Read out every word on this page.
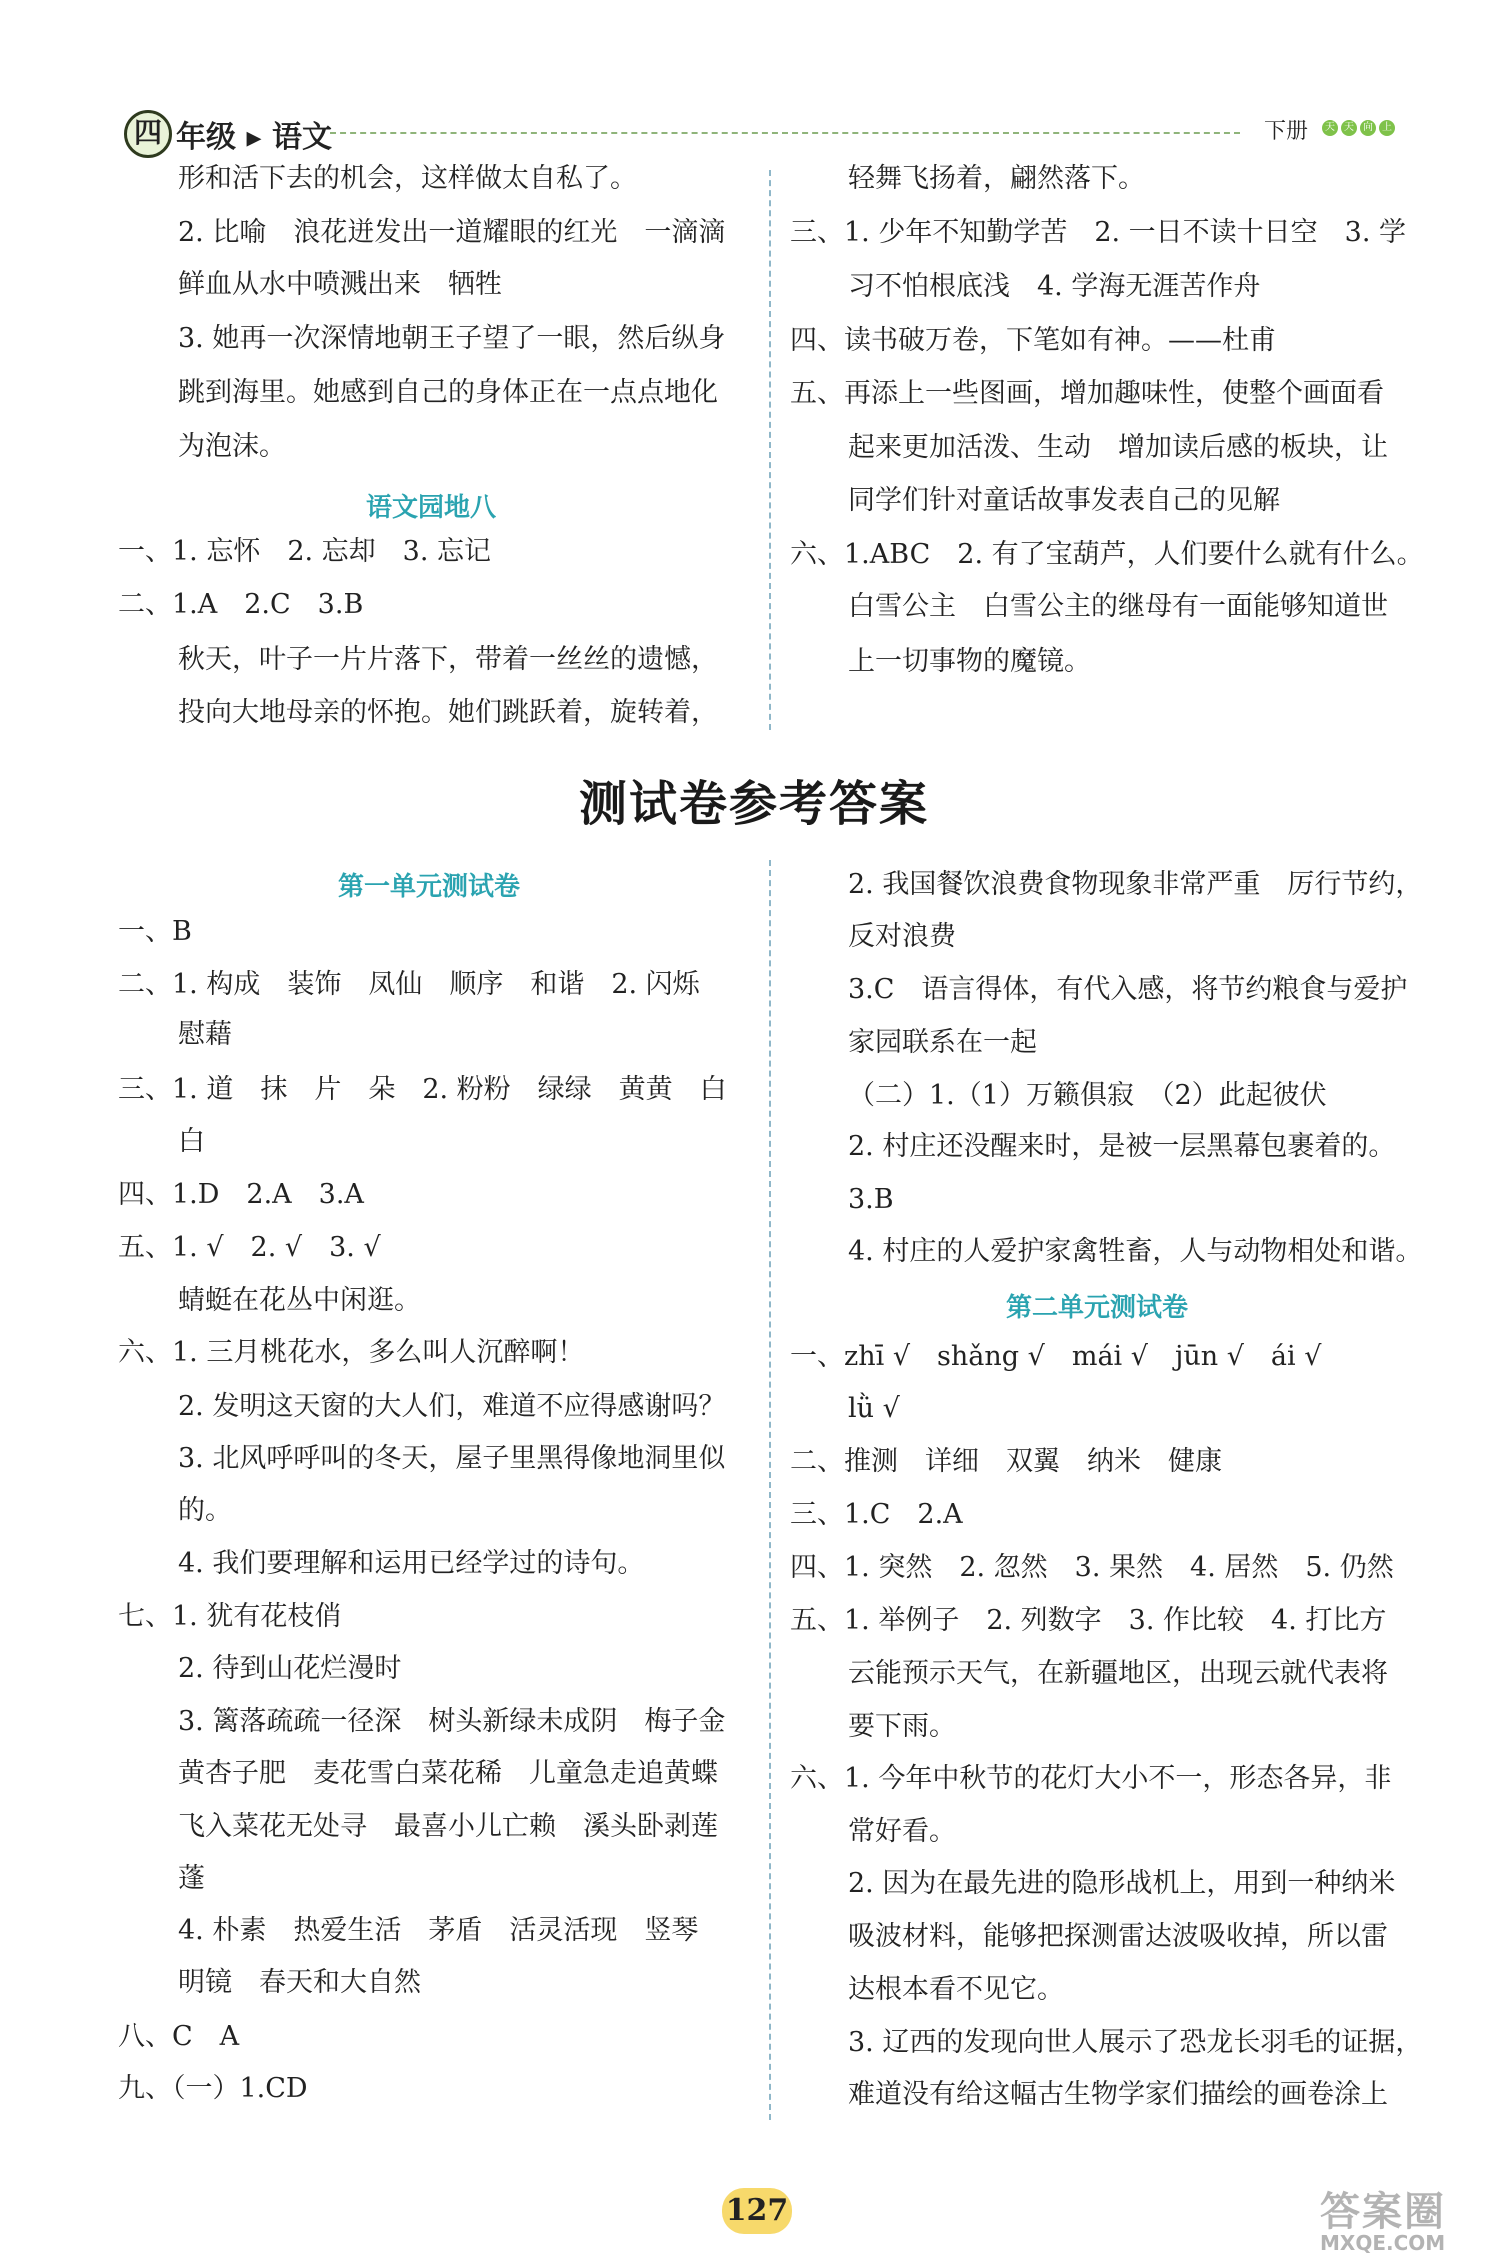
四 年级 ▸ 语文	下册	天 天 向 上
形和活下去的机会，这样做太自私了。
2. 比喻　浪花迸发出一道耀眼的红光　一滴滴
鲜血从水中喷溅出来　牺牲
3. 她再一次深情地朝王子望了一眼，然后纵身
跳到海里。她感到自己的身体正在一点点地化
为泡沫。
语文园地八
一、1. 忘怀　2. 忘却　3. 忘记
二、1.A　2.C　3.B
秋天，叶子一片片落下，带着一丝丝的遗憾，
投向大地母亲的怀抱。她们跳跃着，旋转着，
轻舞飞扬着，翩然落下。
三、1. 少年不知勤学苦　2. 一日不读十日空　3. 学
习不怕根底浅　4. 学海无涯苦作舟
四、读书破万卷，下笔如有神。——杜甫
五、再添上一些图画，增加趣味性，使整个画面看
起来更加活泼、生动　增加读后感的板块，让
同学们针对童话故事发表自己的见解
六、1.ABC　2. 有了宝葫芦，人们要什么就有什么。
白雪公主　白雪公主的继母有一面能够知道世
上一切事物的魔镜。
测试卷参考答案
第一单元测试卷
一、B
二、1. 构成　装饰　凤仙　顺序　和谐　2. 闪烁
慰藉
三、1. 道　抹　片　朵　2. 粉粉　绿绿　黄黄　白
白
四、1.D　2.A　3.A
五、1. √　2. √　3. √
蜻蜓在花丛中闲逛。
六、1. 三月桃花水，多么叫人沉醉啊！
2. 发明这天窗的大人们，难道不应得感谢吗？
3. 北风呼呼叫的冬天，屋子里黑得像地洞里似
的。
4. 我们要理解和运用已经学过的诗句。
七、1. 犹有花枝俏
2. 待到山花烂漫时
3. 篱落疏疏一径深　树头新绿未成阴　梅子金
黄杏子肥　麦花雪白菜花稀　儿童急走追黄蝶
飞入菜花无处寻　最喜小儿亡赖　溪头卧剥莲
蓬
4. 朴素　热爱生活　茅盾　活灵活现　竖琴
明镜　春天和大自然
八、C　A
九、（一）1.CD
2. 我国餐饮浪费食物现象非常严重　厉行节约，
反对浪费
3.C　语言得体，有代入感，将节约粮食与爱护
家园联系在一起
（二）1.（1）万籁俱寂　（2）此起彼伏
2. 村庄还没醒来时，是被一层黑幕包裹着的。
3.B
4. 村庄的人爱护家禽牲畜，人与动物相处和谐。
第二单元测试卷
一、zhī √　shǎng √　mái √　jūn √　ái √
lǜ √
二、推测　详细　双翼　纳米　健康
三、1.C　2.A
四、1. 突然　2. 忽然　3. 果然　4. 居然　5. 仍然
五、1. 举例子　2. 列数字　3. 作比较　4. 打比方
云能预示天气，在新疆地区，出现云就代表将
要下雨。
六、1. 今年中秋节的花灯大小不一，形态各异，非
常好看。
2. 因为在最先进的隐形战机上，用到一种纳米
吸波材料，能够把探测雷达波吸收掉，所以雷
达根本看不见它。
3. 辽西的发现向世人展示了恐龙长羽毛的证据，
难道没有给这幅古生物学家们描绘的画卷涂上
127	答案圈
MXQE.COM
